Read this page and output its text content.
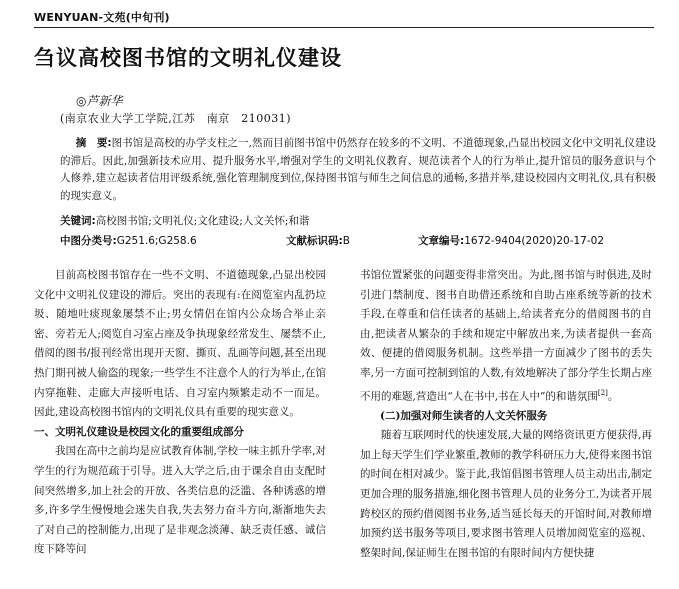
WENYUAN-文苑(中旬刊)
刍议高校图书馆的文明礼仪建设
◎芦新华
(南京农业大学工学院,江苏　南京　210031)
摘　要:图书馆是高校的办学支柱之一,然而目前图书馆中仍然存在较多的不文明、不道德现象,凸显出校园文化中文明礼仪建设的滞后。因此,加强新技术应用、提升服务水平,增强对学生的文明礼仪教育、规范读者个人的行为举止,提升馆员的服务意识与个人修养,建立起读者信用评级系统,强化管理制度到位,保持图书馆与师生之间信息的通畅,多措并举,建设校园内文明礼仪,具有积极的现实意义。
关键词:高校图书馆;文明礼仪;文化建设;人文关怀;和谐
中图分类号:G251.6;G258.6	文献标识码:B	文章编号:1672-9404(2020)20-17-02

目前高校图书馆存在一些不文明、不道德现象,凸显出校园文化中文明礼仪建设的滞后。突出的表现有:在阅览室内乱扔垃圾、随地吐痰现象屡禁不止;男女情侣在馆内公众场合举止亲密、旁若无人;阅览自习室占座及争执现象经常发生、屡禁不止,借阅的图书/报刊经常出现开天窗、撕页、乱画等问题,甚至出现热门期刊被人偷盗的现象;一些学生不注意个人的行为举止,在馆内穿拖鞋、走廊大声接听电话、自习室内频繁走动不一而足。因此,建设高校图书馆内的文明礼仪具有重要的现实意义。

一、文明礼仪建设是校园文化的重要组成部分

我国在高中之前均是应试教育体制,学校一味主抓升学率,对学生的行为规范疏于引导。进入大学之后,由于课余自由支配时间突然增多,加上社会的开放、各类信息的泛滥、各种诱惑的增多,许多学生慢慢地会迷失自我,失去努力奋斗方向,渐渐地失去了对自己的控制能力,出现了是非观念淡薄、缺乏责任感、诚信度下降等问

书馆位置紧张的问题变得非常突出。为此,图书馆与时俱进,及时引进门禁制度、图书自助借还系统和自助占座系统等新的技术手段,在尊重和信任读者的基础上,给读者充分的借阅图书的自由,把读者从繁杂的手续和规定中解放出来,为读者提供一套高效、便捷的借阅服务机制。这些举措一方面减少了图书的丢失率,另一方面可控制到馆的人数,有效地解决了部分学生长期占座不用的难题,营造出“人在书中,书在人中”的和谐氛围[2]。

(二)加强对师生读者的人文关怀服务

随着互联网时代的快速发展,大量的网络资讯更方便获得,再加上每天学生们学业繁重,教师的教学科研压力大,使得来图书馆的时间在相对减少。鉴于此,我馆倡图书管理人员主动出击,制定更加合理的服务措施,细化图书管理人员的业务分工,为读者开展跨校区的预约借阅图书业务,适当延长每天的开馆时间,对教师增加预约送书服务等项目,要求图书管理人员增加阅览室的巡视、整架时间,保证师生在图书馆的有限时间内方便快捷
